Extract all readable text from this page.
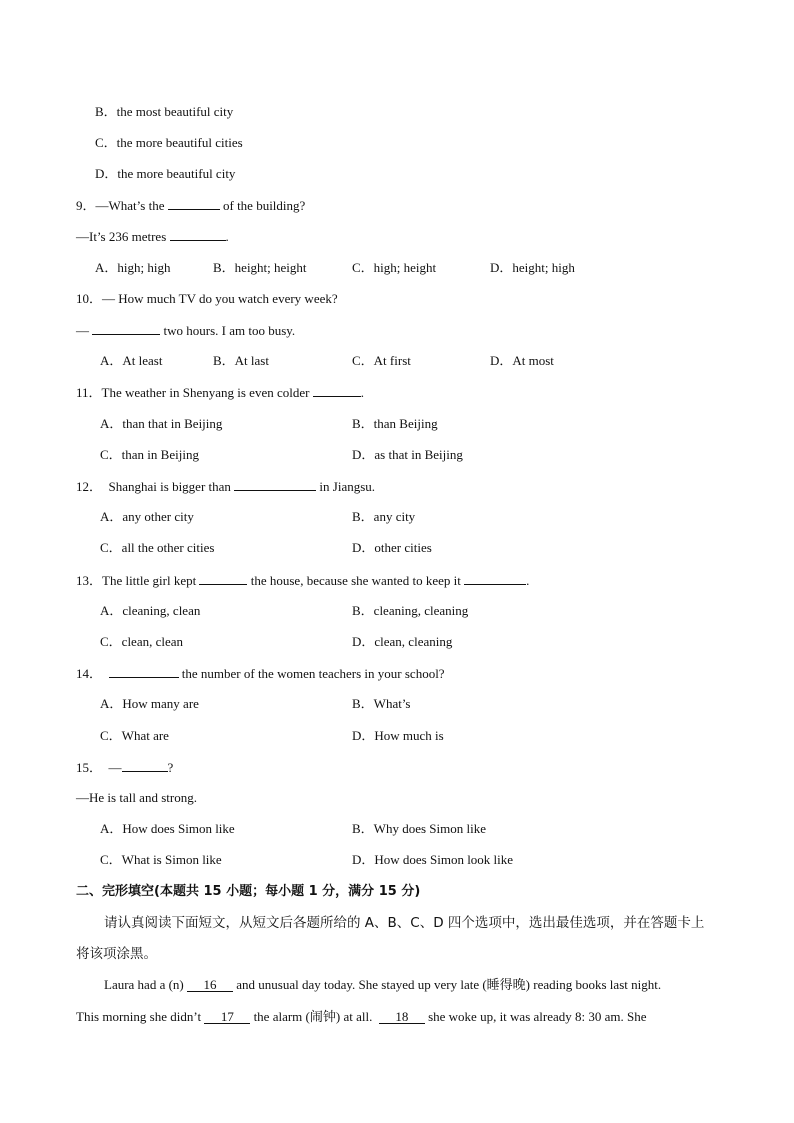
B．the most beautiful city
C．the more beautiful cities
D．the more beautiful city
9．—What’s the	of the building?
—It’s 236 metres	.
A．high; high	B．height; height	C．high; height	D．height; high
10．— How much TV do you watch every week?
—	two hours. I am too busy.
A．At least	B．At last	C．At first	D．At most
11．The weather in Shenyang is even colder	.
A．than that in Beijing	B．than Beijing
C．than in Beijing	D．as that in Beijing
12． Shanghai is bigger than	in Jiangsu.
A．any other city	B．any city
C．all the other cities	D．other cities
13．The little girl kept	the house, because she wanted to keep it	.
A．cleaning, clean	B．cleaning, cleaning
C．clean, clean	D．clean, cleaning
14．	the number of the women teachers in your school?
A．How many are	B．What’s
C．What are	D．How much is
15． —	?
—He is tall and strong.
A．How does Simon like	B．Why does Simon like
C．What is Simon like	D．How does Simon look like
二、完形填空(本题共 15 小题；每小题 1 分，满分 15 分)
请认真阅读下面短文，从短文后各题所给的 A、B、C、D 四个选项中，选出最佳选项，并在答题卡上
将该项涂黑。
Laura had a (n) 16 and unusual day today. She stayed up very late (睡得晚) reading books last night.
This morning she didn’t 17 the alarm (闹钟) at all. 18 she woke up, it was already 8: 30 am. She
